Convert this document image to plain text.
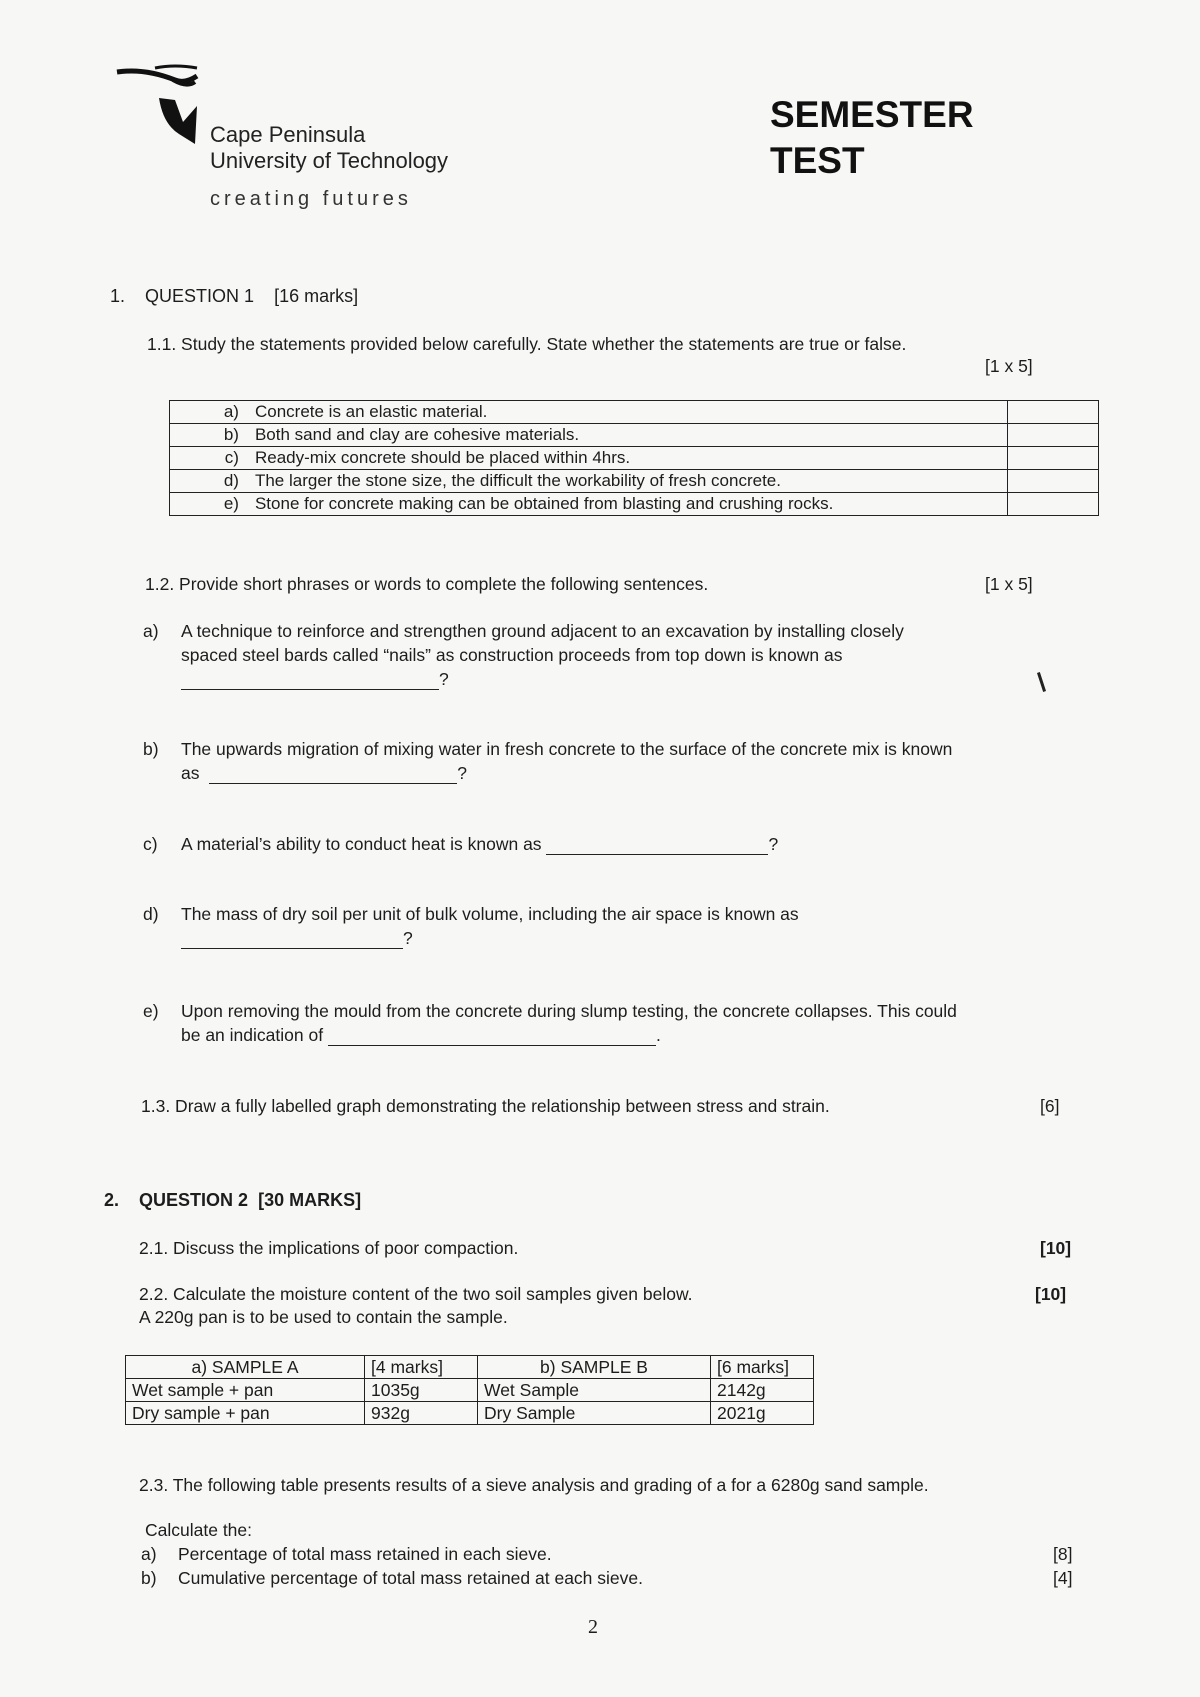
Cape Peninsula
University of Technology
creating futures
SEMESTER
TEST
1. QUESTION 1 [16 marks]
1.1. Study the statements provided below carefully. State whether the statements are true or false.
[1 x 5]
a)	Concrete is an elastic material.	
b)	Both sand and clay are cohesive materials.	
c)	Ready-mix concrete should be placed within 4hrs.	
d)	The larger the stone size, the difficult the workability of fresh concrete.	
e)	Stone for concrete making can be obtained from blasting and crushing rocks.	
1.2. Provide short phrases or words to complete the following sentences.	[1 x 5]
a) A technique to reinforce and strengthen ground adjacent to an excavation by installing closely
spaced steel bards called “nails” as construction proceeds from top down is known as
?
b) The upwards migration of mixing water in fresh concrete to the surface of the concrete mix is known
as	?
c) A material’s ability to conduct heat is known as	?
d) The mass of dry soil per unit of bulk volume, including the air space is known as
?
e) Upon removing the mould from the concrete during slump testing, the concrete collapses. This could
be an indication of	.
1.3. Draw a fully labelled graph demonstrating the relationship between stress and strain.	[6]
2. QUESTION 2 [30 MARKS]
2.1. Discuss the implications of poor compaction.	[10]
2.2. Calculate the moisture content of the two soil samples given below.
A 220g pan is to be used to contain the sample.
[10]
a) SAMPLE A	[4 marks]	b) SAMPLE B	[6 marks]
Wet sample + pan	1035g	Wet Sample	2142g
Dry sample + pan	932g	Dry Sample	2021g
2.3. The following table presents results of a sieve analysis and grading of a for a 6280g sand sample.
Calculate the:
a) Percentage of total mass retained in each sieve.	[8]
b) Cumulative percentage of total mass retained at each sieve.	[4]
2
